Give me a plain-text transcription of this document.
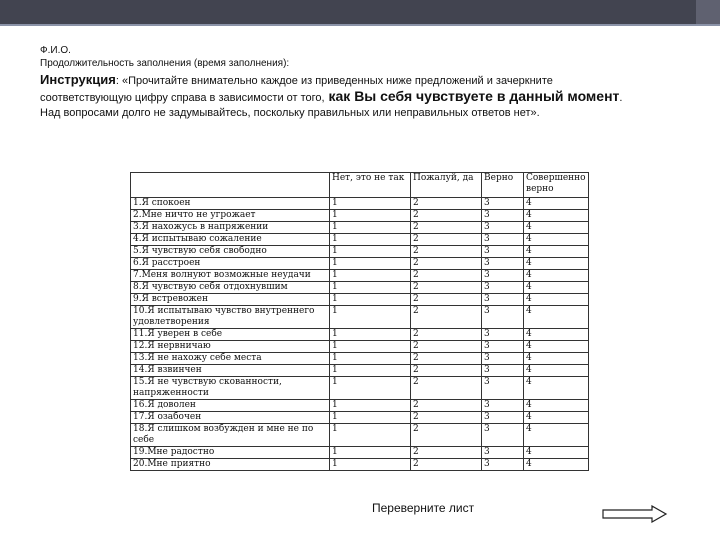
Ф.И.О.
Продолжительность заполнения (время заполнения):
Инструкция: «Прочитайте внимательно каждое из приведенных ниже предложений и зачеркните соответствующую цифру справа в зависимости от того, как Вы себя чувствуете в данный момент. Над вопросами долго не задумывайтесь, поскольку правильных или неправильных ответов нет».
	Нет, это не так	Пожалуй, да	Верно	Совершенно верно
1.Я спокоен	1	2	3	4
2.Мне ничто не угрожает	1	2	3	4
3.Я нахожусь в напряжении	1	2	3	4
4.Я испытываю сожаление	1	2	3	4
5.Я чувствую себя свободно	1	2	3	4
6.Я расстроен	1	2	3	4
7.Меня волнуют возможные неудачи	1	2	3	4
8.Я чувствую себя отдохнувшим	1	2	3	4
9.Я встревожен	1	2	3	4
10.Я испытываю чувство внутреннего удовлетворения	1	2	3	4
11.Я уверен в себе	1	2	3	4
12.Я нервничаю	1	2	3	4
13.Я не нахожу себе места	1	2	3	4
14.Я взвинчен	1	2	3	4
15.Я не чувствую скованности, напряженности	1	2	3	4
16.Я доволен	1	2	3	4
17.Я озабочен	1	2	3	4
18.Я слишком возбужден и мне не по себе	1	2	3	4
19.Мне радостно	1	2	3	4
20.Мне приятно	1	2	3	4
Переверните лист
